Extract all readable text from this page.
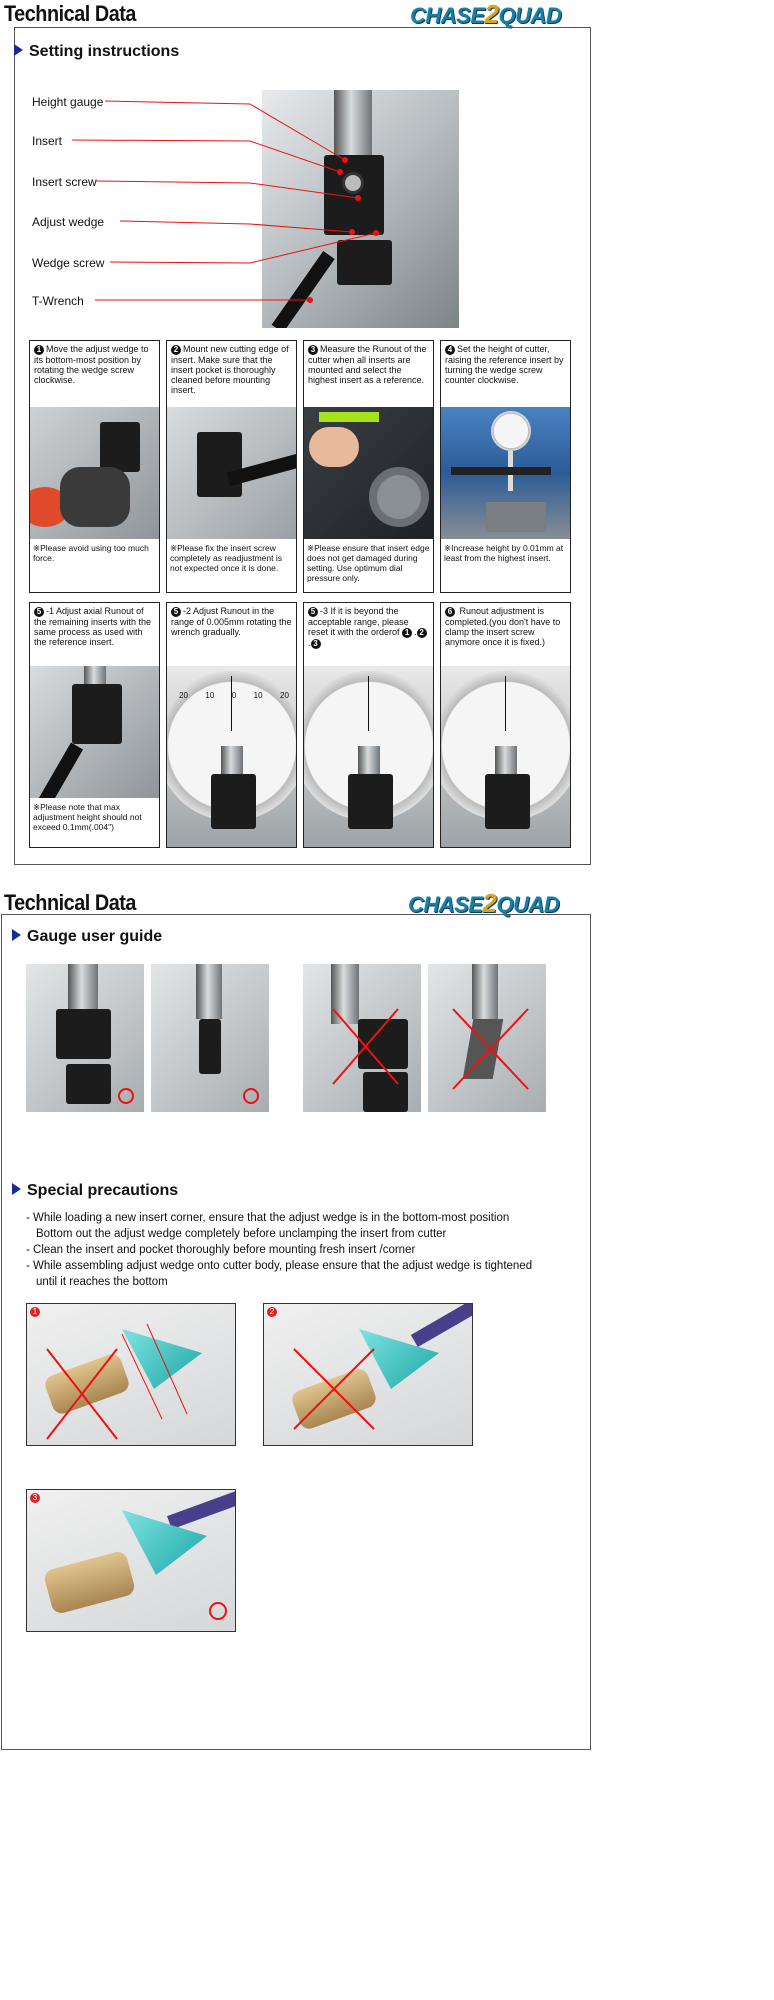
Technical Data	CHASE2QUAD
Setting instructions
Height gauge
Insert
Insert screw
Adjust wedge
Wedge screw
T-Wrench
1 Move the adjust wedge to its bottom-most position by rotating the wedge screw clockwise.
※Please avoid using too much force.
2 Mount new cutting edge of insert. Make sure that the insert pocket is thoroughly cleaned before mounting insert.
※Please fix the insert screw completely as readjustment is not expected once it is done.
3 Measure the Runout of the cutter when all inserts are mounted and select the highest insert as a reference.
※Please ensure that insert edge does not get damaged during setting. Use optimum dial pressure only.
4 Set the height of cutter, raising the reference insert by turning the wedge screw counter clockwise.
※Increase height by 0.01mm at least from the highest insert.
5 -1 Adjust axial Runout of the remaining inserts with the same process as used with the reference insert.
※Please note that max adjustment height should not exceed 0.1mm(.004")
5 -2 Adjust Runout in the range of 0.005mm rotating the wrench gradually.
20 10 0 10 20
5 -3 If it is beyond the acceptable range, please reset it with the orderof 1 . 2. 3
6 Runout adjustment is completed.(you don't have to clamp the insert screw anymore once it is fixed.)
Technical Data	CHASE2QUAD
Gauge user guide
Special precautions
- While loading a new insert corner, ensure that the adjust wedge is in the bottom-most position
Bottom out the adjust wedge completely before unclamping the insert from cutter
- Clean the insert and pocket thoroughly before mounting fresh insert /corner
- While assembling adjust wedge onto cutter body, please ensure that the adjust wedge is tightened
until it reaches the bottom
1	2
3
